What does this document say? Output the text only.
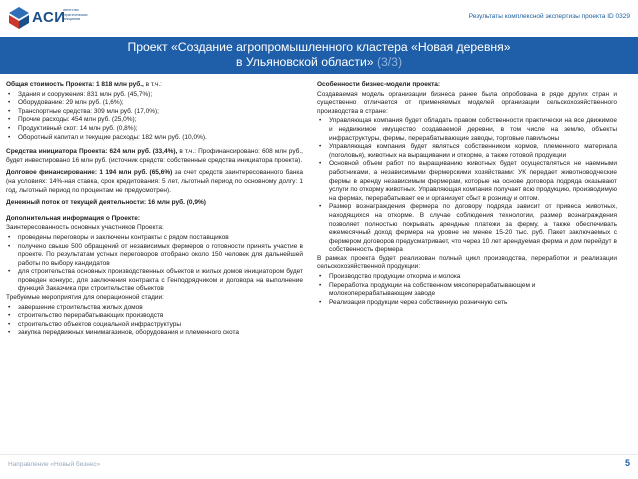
АСИ
агентство стратегических инициатив	Результаты комплексной экспертизы проекта ID 0329
Проект «Создание агропромышленного кластера «Новая деревня»
в Ульяновской области» (3/3)
Общая стоимость Проекта: 1 818 млн руб., в т.ч.:
• Здания и сооружения: 831 млн руб. (45,7%);
• Оборудование: 29 млн руб. (1,6%);
• Транспортные средства: 309 млн руб. (17,0%);
• Прочие расходы: 454 млн руб. (25,0%);
• Продуктивный скот: 14 млн руб. (0,8%);
• Оборотный капитал и текущие расходы: 182 млн руб. (10,0%).
Средства инициатора Проекта: 624 млн руб. (33,4%), в т.ч.: Профинансировано: 608 млн руб., будет инвестировано 16 млн руб. (источник средств: собственные средства инициатора проекта).
Долговое финансирование: 1 194 млн руб. (65,6%) за счет средств заинтересованного банка (на условиях: 14%-ная ставка, срок кредитования: 5 лет, льготный период по основному долгу: 1 год, льготный период по процентам не предусмотрен).
Денежный поток от текущей деятельности: 16 млн руб. (0,9%)
Дополнительная информация о Проекте:
Заинтересованность основных участников Проекта:
• проведены переговоры и заключены контракты с рядом поставщиков
• получено свыше 500 обращений от независимых фермеров о готовности принять участие в проекте. По результатам устных переговоров отобрано около 150 человек для дальнейшей работы по выбору кандидатов
• для строительства основных производственных объектов и жилых домов инициатором будет проведен конкурс, для заключения контракта с Генподрядчиком и договора на выполнение функций Заказчика при строительстве объектов
Требуемые мероприятия для операционной стадии:
• завершение строительства жилых домов
• строительство перерабатывающих производств
• строительство объектов социальной инфраструктуры
• закупка передвижных минимагазинов, оборудования и племенного скота
Особенности бизнес-модели проекта:
Создаваемая модель организации бизнеса ранее была опробована в ряде других стран и существенно отличается от применяемых моделей организации сельскохозяйственного производства в стране:
• Управляющая компания будет обладать правом собственности практически на все движимое и недвижимое имущество создаваемой деревни, в том числе на землю, объекты инфраструктуры, фермы, перерабатывающие заводы, торговые павильоны
• Управляющая компания будет являться собственником кормов, племенного материала (поголовья), животных на выращивании и откорме, а также готовой продукции
• Основной объем работ по выращиванию животных будет осуществляться не наемными работниками, а независимыми фермерскими хозяйствами: УК передает животноводческие фермы в аренду независимым фермерам, которые на основе договора подряда оказывают услуги по откорму животных. Управляющая компания получает всю продукцию, производимую на фермах, перерабатывает ее и организует сбыт в розницу и оптом.
• Размер вознаграждения фермера по договору подряда зависит от привеса животных, находящихся на откорме. В случае соблюдения технологии, размер вознаграждения позволяет полностью покрывать арендные платежи за ферму, а также обеспечивать ежемесячный доход фермера на уровне не менее 15-20 тыс. руб. Пакет заключаемых с фермером договоров предусматривает, что через 10 лет арендуемая ферма и дом перейдут в собственность фермера
В рамках проекта будет реализован полный цикл производства, переработки и реализации сельскохозяйственной продукции:
• Производство продукции откорма и молока
• Переработка продукции на собственном мясоперерабатывающем и молокоперерабатывающем заводе
• Реализация продукции через собственную розничную сеть
Направление «Новый бизнес»	5
